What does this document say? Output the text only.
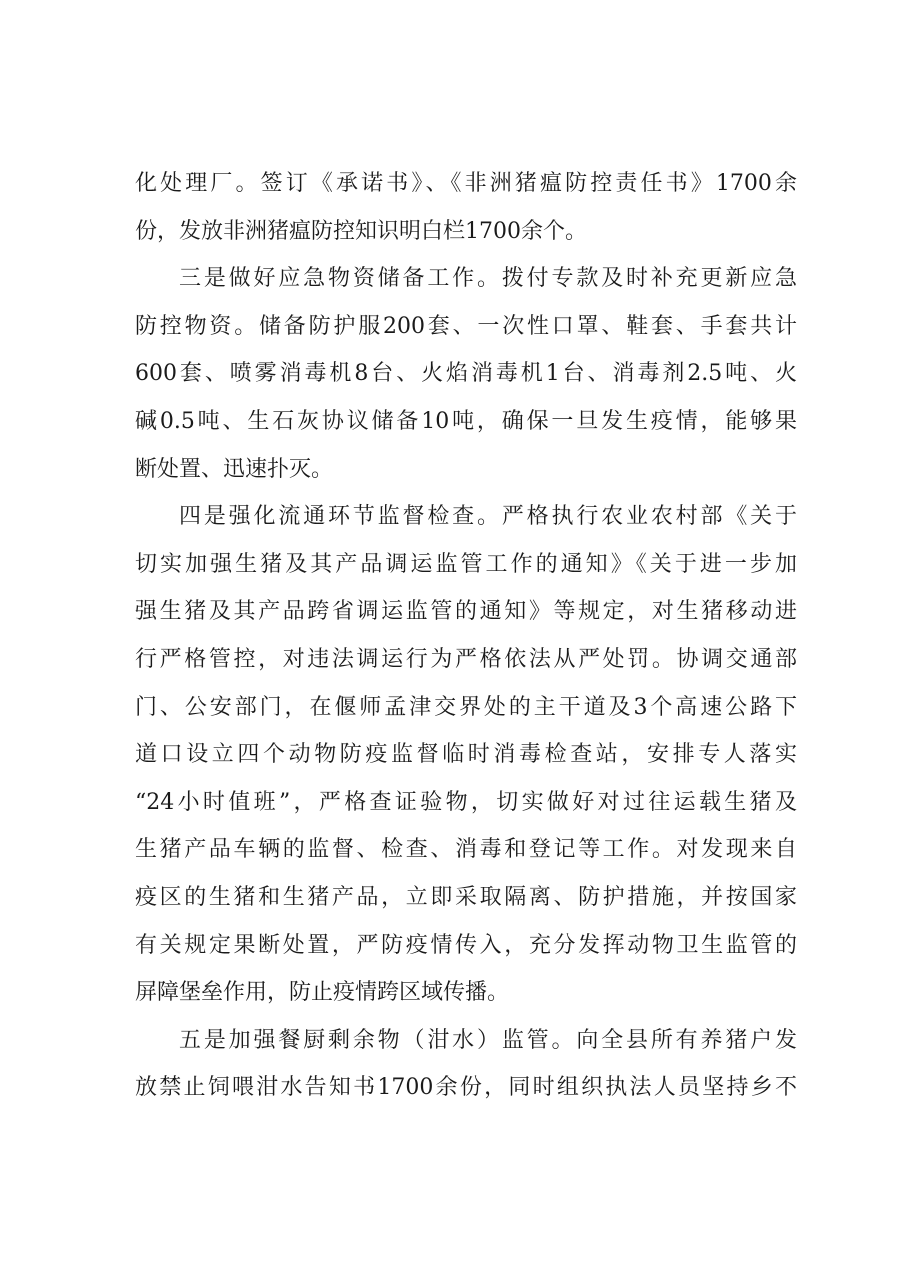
化处理厂。签订《承诺书》、《非洲猪瘟防控责任书》1700余
份，发放非洲猪瘟防控知识明白栏1700余个。
三是做好应急物资储备工作。拨付专款及时补充更新应急
防控物资。储备防护服200套、一次性口罩、鞋套、手套共计
600套、喷雾消毒机8台、火焰消毒机1台、消毒剂2.5吨、火
碱0.5吨、生石灰协议储备10吨，确保一旦发生疫情，能够果
断处置、迅速扑灭。
四是强化流通环节监督检查。严格执行农业农村部《关于
切实加强生猪及其产品调运监管工作的通知》《关于进一步加
强生猪及其产品跨省调运监管的通知》等规定，对生猪移动进
行严格管控，对违法调运行为严格依法从严处罚。协调交通部
门、公安部门，在偃师孟津交界处的主干道及3个高速公路下
道口设立四个动物防疫监督临时消毒检查站，安排专人落实
“24小时值班”，严格查证验物，切实做好对过往运载生猪及
生猪产品车辆的监督、检查、消毒和登记等工作。对发现来自
疫区的生猪和生猪产品，立即采取隔离、防护措施，并按国家
有关规定果断处置，严防疫情传入，充分发挥动物卫生监管的
屏障堡垒作用，防止疫情跨区域传播。
五是加强餐厨剩余物（泔水）监管。向全县所有养猪户发
放禁止饲喂泔水告知书1700余份，同时组织执法人员坚持乡不
